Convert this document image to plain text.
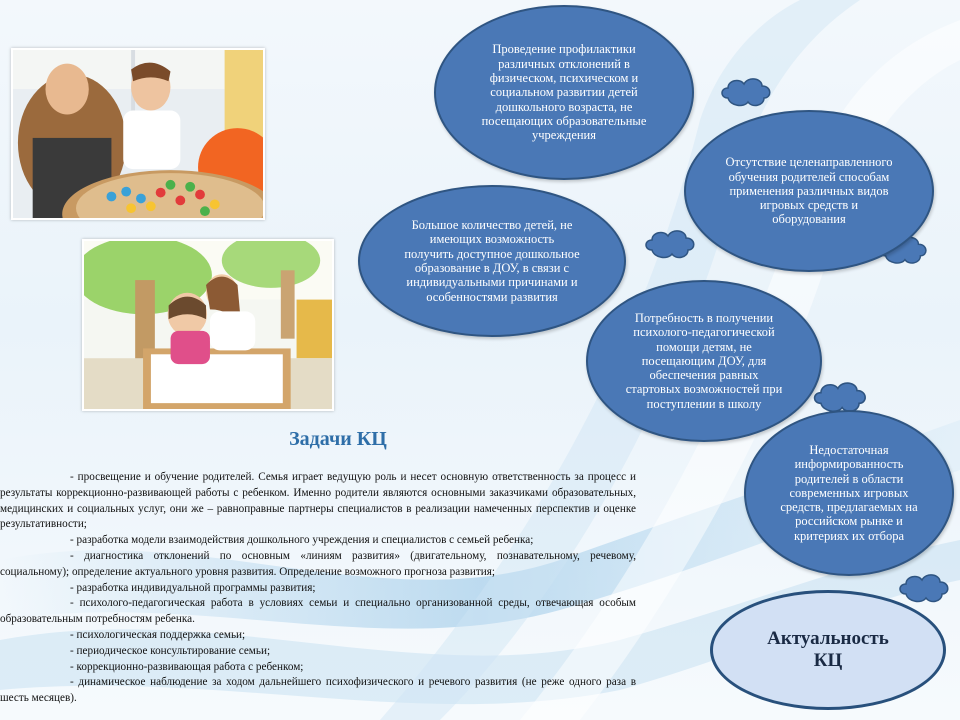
Задачи КЦ
- просвещение и обучение родителей. Семья играет ведущую роль и несет основную ответственность за процесс и результаты коррекционно-развивающей работы с ребенком. Именно родители являются основными заказчиками образовательных, медицинских и социальных услуг, они же – равноправные партнеры специалистов в реализации намеченных перспектив и оценке результативности;
- разработка модели взаимодействия дошкольного учреждения и специалистов с семьей ребенка;
- диагностика отклонений по основным «линиям развития» (двигательному, познавательному, речевому, социальному); определение актуального уровня развития. Определение возможного прогноза развития;
- разработка индивидуальной программы развития;
- психолого-педагогическая работа в условиях семьи и специально организованной среды, отвечающая особым образовательным потребностям ребенка.
- психологическая поддержка семьи;
- периодическое консультирование семьи;
- коррекционно-развивающая работа с ребенком;
- динамическое наблюдение за ходом дальнейшего психофизического и речевого развития (не реже одного раза в шесть месяцев).
Проведение профилактики различных отклонений в физическом, психическом и социальном развитии детей дошкольного возраста, не посещающих образовательные учреждения
Отсутствие целенаправленного обучения родителей способам применения различных видов игровых средств и оборудования
Большое количество детей, не имеющих возможность получить доступное дошкольное образование в ДОУ, в связи с индивидуальными причинами и особенностями развития
Потребность в получении психолого-педагогической помощи детям, не посещающим ДОУ, для обеспечения равных стартовых возможностей при поступлении в школу
Недостаточная информированность родителей в области современных игровых средств, предлагаемых на российском рынке и критериях их отбора
Актуальность
КЦ
